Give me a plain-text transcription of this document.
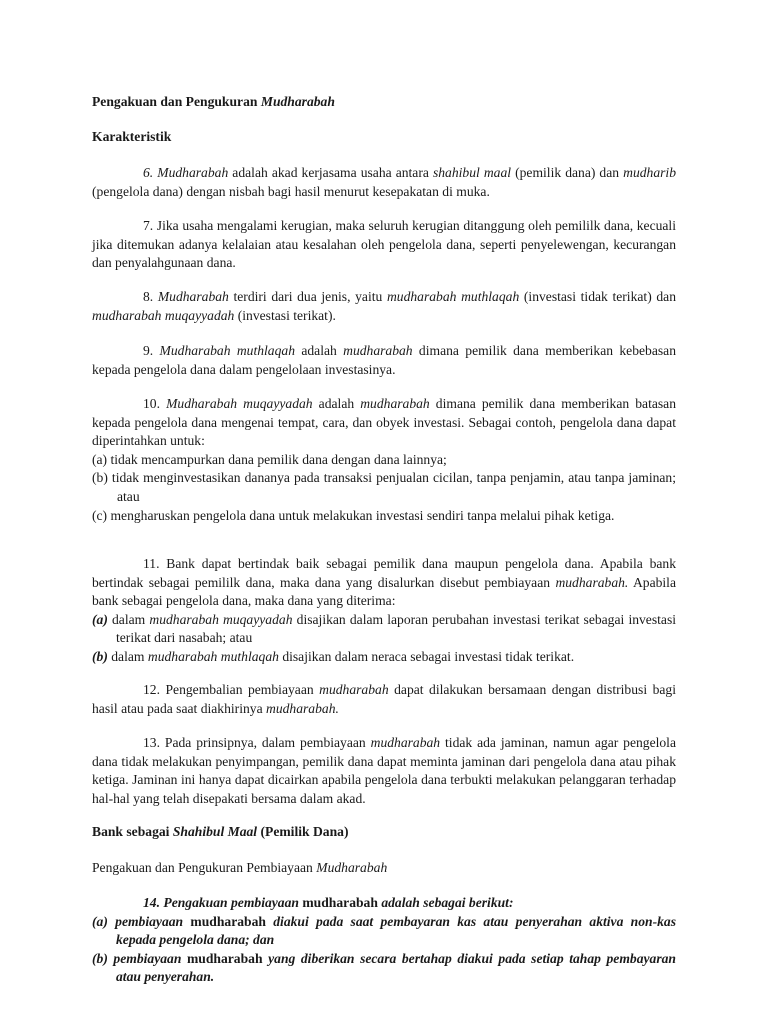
Pengakuan dan Pengukuran Mudharabah

Karakteristik

6. Mudharabah adalah akad kerjasama usaha antara shahibul maal (pemilik dana) dan mudharib (pengelola dana) dengan nisbah bagi hasil menurut kesepakatan di muka.

7. Jika usaha mengalami kerugian, maka seluruh kerugian ditanggung oleh pemililk dana, kecuali jika ditemukan adanya kelalaian atau kesalahan oleh pengelola dana, seperti penyelewengan, kecurangan dan penyalahgunaan dana.

8. Mudharabah terdiri dari dua jenis, yaitu mudharabah muthlaqah (investasi tidak terikat) dan mudharabah muqayyadah (investasi terikat).

9. Mudharabah muthlaqah adalah mudharabah dimana pemilik dana memberikan kebebasan kepada pengelola dana dalam pengelolaan investasinya.

10. Mudharabah muqayyadah adalah mudharabah dimana pemilik dana memberikan batasan kepada pengelola dana mengenai tempat, cara, dan obyek investasi. Sebagai contoh, pengelola dana dapat diperintahkan untuk:

(a) tidak mencampurkan dana pemilik dana dengan dana lainnya;

(b) tidak menginvestasikan dananya pada transaksi penjualan cicilan, tanpa penjamin, atau tanpa jaminan; atau

(c) mengharuskan pengelola dana untuk melakukan investasi sendiri tanpa melalui pihak ketiga.

11. Bank dapat bertindak baik sebagai pemilik dana maupun pengelola dana. Apabila bank bertindak sebagai pemililk dana, maka dana yang disalurkan disebut pembiayaan mudharabah. Apabila bank sebagai pengelola dana, maka dana yang diterima:

(a) dalam mudharabah muqayyadah disajikan dalam laporan perubahan investasi terikat sebagai investasi terikat dari nasabah; atau

(b) dalam mudharabah muthlaqah disajikan dalam neraca sebagai investasi tidak terikat.

12. Pengembalian pembiayaan mudharabah dapat dilakukan bersamaan dengan distribusi bagi hasil atau pada saat diakhirinya mudharabah.

13. Pada prinsipnya, dalam pembiayaan mudharabah tidak ada jaminan, namun agar pengelola dana tidak melakukan penyimpangan, pemilik dana dapat meminta jaminan dari pengelola dana atau pihak ketiga. Jaminan ini hanya dapat dicairkan apabila pengelola dana terbukti melakukan pelanggaran terhadap hal-hal yang telah disepakati bersama dalam akad.

Bank sebagai Shahibul Maal (Pemilik Dana)

Pengakuan dan Pengukuran Pembiayaan Mudharabah

14. Pengakuan pembiayaan mudharabah adalah sebagai berikut:

(a) pembiayaan mudharabah diakui pada saat pembayaran kas atau penyerahan aktiva non-kas kepada pengelola dana; dan

(b) pembiayaan mudharabah yang diberikan secara bertahap diakui pada setiap tahap pembayaran atau penyerahan.
